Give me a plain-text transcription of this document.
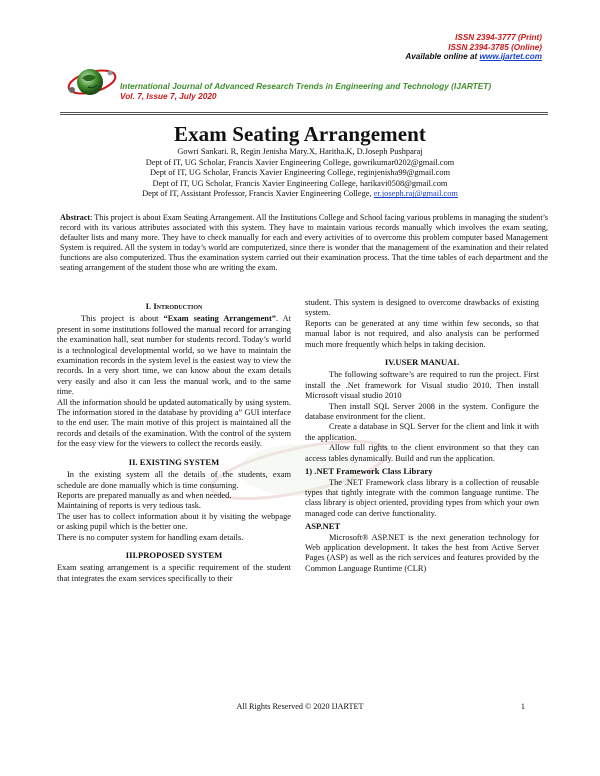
ISSN 2394-3777 (Print)
ISSN 2394-3785 (Online)
Available online at www.ijartet.com
International Journal of Advanced Research Trends in Engineering and Technology (IJARTET)
Vol. 7, Issue 7, July 2020
Exam Seating Arrangement
Gowri Sankari. R, Regin Jenisha Mary.X, Haritha.K, D.Joseph Pushparaj
Dept of IT, UG Scholar, Francis Xavier Engineering College, gowrikumar0202@gmail.com
Dept of IT, UG Scholar, Francis Xavier Engineering College, reginjenisha99@gmail.com
Dept of IT, UG Scholar, Francis Xavier Engineering College, harikavi0508@gmail.com
Dept of IT, Assistant Professor, Francis Xavier Engineering College, er.joseph.raj@gmail.com
Abstract: This project is about Exam Seating Arrangement. All the Institutions College and School facing various problems in managing the student’s record with its various attributes associated with this system. They have to maintain various records manually which involves the exam seating, defaulter lists and many more. They have to check manually for each and every activities of to overcome this problem computer based Management System is required. All the system in today’s world are computerized, since there is wonder that the management of the examination and their related functions are also computerized. Thus the examination system carried out their examination process. That the time tables of each department and the seating arrangement of the student those who are writing the exam.
I. Introduction

This project is about “Exam seating Arrangement”. At present in some institutions followed the manual record for arranging the examination hall, seat number for students record. Today’s world is a technological developmental world, so we have to maintain the examination records in the system level is the easiest way to view the records. In a very short time, we can know about the exam details very easily and also it can less the manual work, and to the same time.

All the information should be updated automatically by using system. The information stored in the database by providing a” GUI interface to the end user. The main motive of this project is maintained all the records and details of the examination. With the control of the system for the easy view for the viewers to collect the records easily.

II. EXISTING SYSTEM

In the existing system all the details of the students, exam schedule are done manually which is time consuming.

Reports are prepared manually as and when needed.

Maintaining of reports is very tedious task.

The user has to collect information about it by visiting the webpage or asking pupil which is the better one.

There is no computer system for handling exam details.

III.PROPOSED SYSTEM

Exam seating arrangement is a specific requirement of the student that integrates the exam services specifically to their

student. This system is designed to overcome drawbacks of existing system.

Reports can be generated at any time within few seconds, so that manual labor is not required, and also analysis can be performed much more frequently which helps in taking decision.

IV.USER MANUAL

The following software’s are required to run the project. First install the .Net framework for Visual studio 2010. Then install Microsoft visual studio 2010

Then install SQL Server 2008 in the system. Configure the database environment for the client.

Create a database in SQL Server for the client and link it with the application.

Allow full rights to the client environment so that they can access tables dynamically. Build and run the application.

1) .NET Framework Class Library

The .NET Framework class library is a collection of reusable types that tightly integrate with the common language runtime. The class library is object oriented, providing types from which your own managed code can derive functionality.

ASP.NET

Microsoft® ASP.NET is the next generation technology for Web application development. It takes the best from Active Server Pages (ASP) as well as the rich services and features provided by the Common Language Runtime (CLR)

All Rights Reserved © 2020 IJARTET	1
